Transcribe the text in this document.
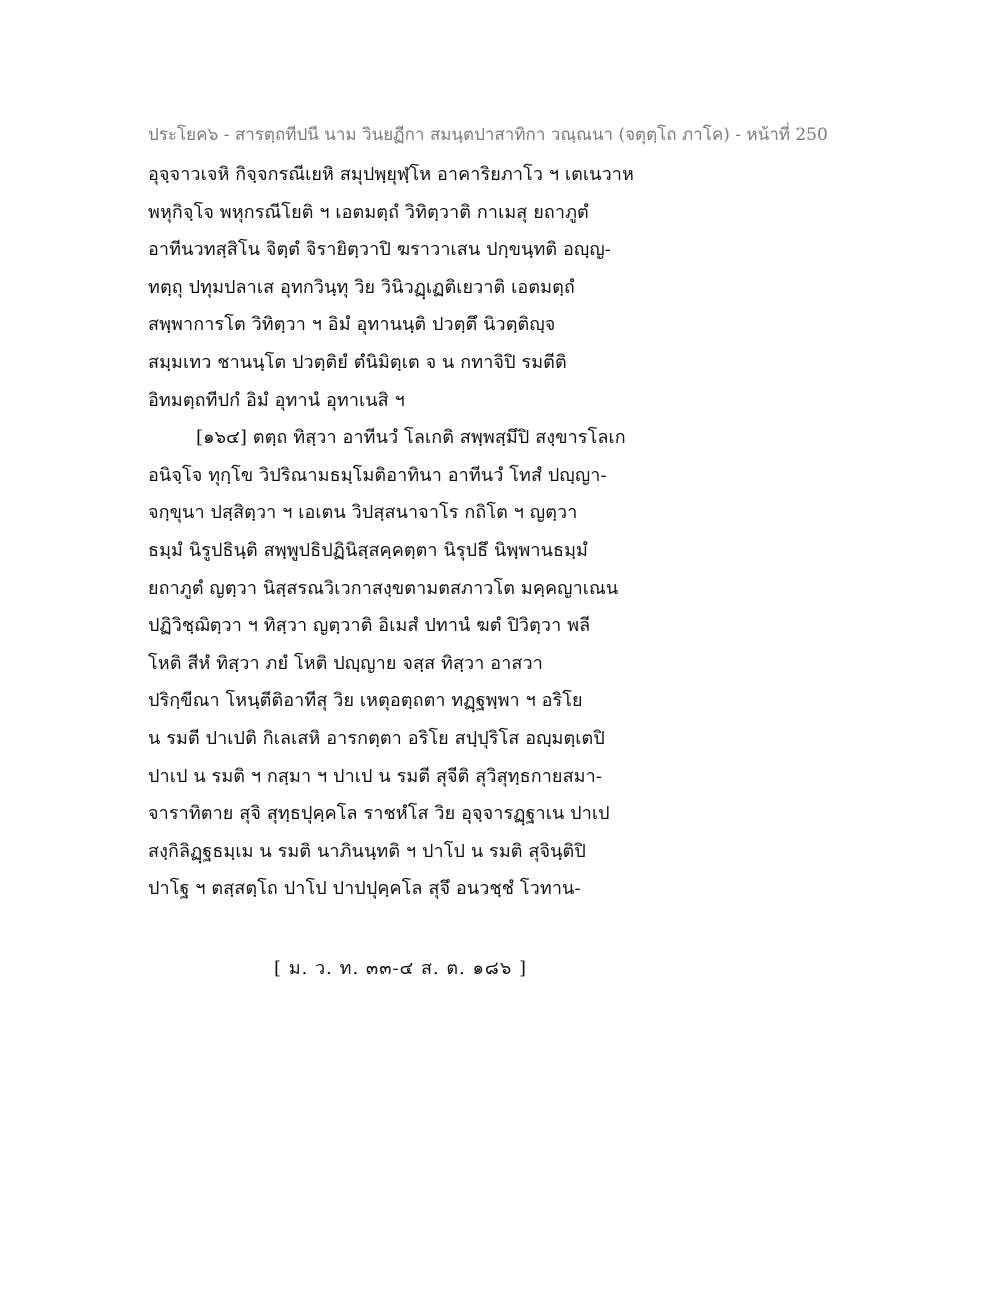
ประโยค๖ - สารตฺถทีปนี นาม วินยฏีกา สมนฺตปาสาทิกา วณฺณนา (จตุตฺโถ ภาโค) - หน้าที่ 250
อุจฺจาวเจหิ กิจฺจกรณีเยหิ สมุปพฺยุฬฺโห อาคาริยภาโว ฯ เตเนวาห
พหุกิจฺโจ พหุกรณีโยติ ฯ เอตมตฺถํ วิทิตฺวาติ กาเมสุ ยถาภูตํ
อาทีนวทสฺสิโน จิตฺตํ จิรายิตฺวาปิ ฆราวาเสน ปกฺขนฺทติ อญฺญ-
ทตฺถุ ปทุมปลาเส อุทกวินฺทุ วิย วินิวฏฺเฏติเยวาติ เอตมตฺถํ
สพฺพาการโต วิทิตฺวา ฯ อิมํ อุทานนฺติ ปวตฺตึ นิวตฺติญฺจ
สมฺมเทว ชานนฺโต ปวตฺติยํ ตํนิมิตฺเต จ น กทาจิปิ รมตีติ
อิทมตฺถทีปกํ อิมํ อุทานํ อุทาเนสิ ฯ
[๑๖๔] ตตฺถ ทิสฺวา อาทีนวํ โลเกติ สพฺพสฺมึปิ สงฺขารโลเก
อนิจฺโจ ทุกฺโข วิปริณามธมฺโมติอาทินา อาทีนวํ โทสํ ปญฺญา-
จกฺขุนา ปสฺสิตฺวา ฯ เอเตน วิปสฺสนาจาโร กถิโต ฯ ญตฺวา
ธมฺมํ นิรูปธินฺติ สพฺพูปธิปฏินิสฺสคฺคตฺตา นิรุปธึ นิพฺพานธมฺมํ
ยถาภูตํ ญตฺวา นิสฺสรณวิเวกาสงฺขตามตสภาวโต มคฺคญาเณน
ปฏิวิชฺฌิตฺวา ฯ ทิสฺวา ญตฺวาติ อิเมสํ ปทานํ ฆตํ ปิวิตฺวา พลี
โหติ สีหํ ทิสฺวา ภยํ โหติ ปญฺญาย จสฺส ทิสฺวา อาสวา
ปริกฺขีณา โหนฺตีติอาทีสุ วิย เหตุอตฺถตา ทฏฺฐพฺพา ฯ อริโย
น รมตี ปาเปติ กิเลเสหิ อารกตฺตา อริโย สปฺปุริโส อญฺมตฺเตปิ
ปาเป น รมติ ฯ กสฺมา ฯ ปาเป น รมตี สุจีติ สุวิสุทฺธกายสมา-
จาราทิตาย สุจิ สุทฺธปุคฺคโล ราชหํโส วิย อุจฺจารฏฺฐาเน ปาเป
สงฺกิลิฏฺฐธมฺเม น รมติ นาภินนฺทติ ฯ ปาโป น รมติ สุจินฺติปิ
ปาโฐ ฯ ตสฺสตฺโถ ปาโป ปาปปุคฺคโล สุจึ อนวชฺชํ โวทาน-
[ ม. ว. ท. ๓๓-๔ ส. ต. ๑๘๖ ]
